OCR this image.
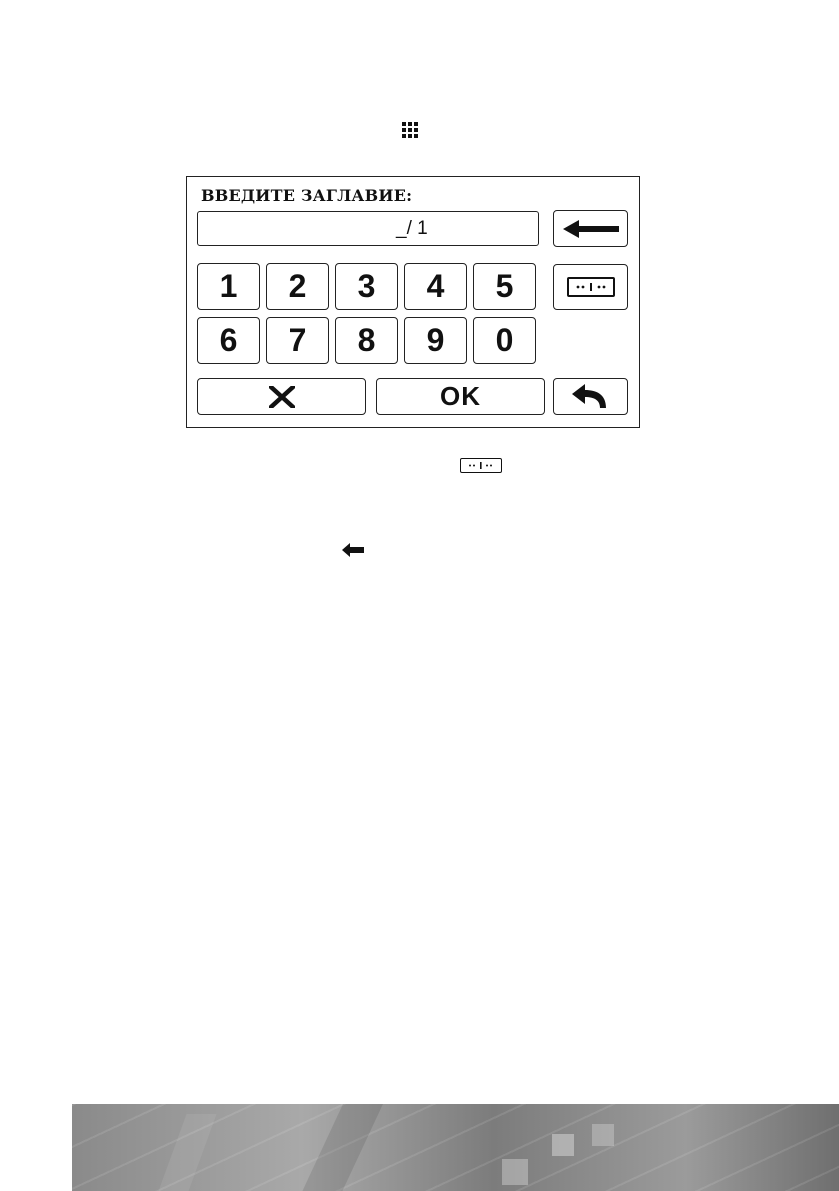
ВВЕДИТЕ ЗАГЛАВИЕ:
_/ 1
1	2	3	4	5
6	7	8	9	0
OK
